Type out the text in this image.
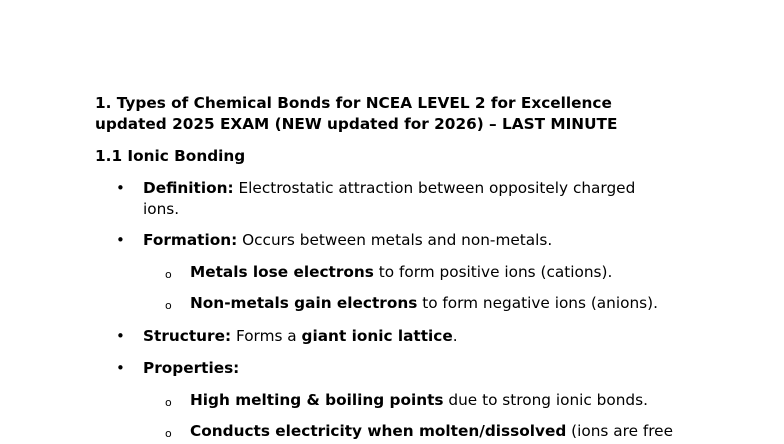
1. Types of Chemical Bonds for NCEA LEVEL 2 for Excellence
updated 2025 EXAM (NEW updated for 2026) – LAST MINUTE
1.1 Ionic Bonding
• Definition: Electrostatic attraction between oppositely charged
ions.
• Formation: Occurs between metals and non-metals.
o Metals lose electrons to form positive ions (cations).
o Non-metals gain electrons to form negative ions (anions).
• Structure: Forms a giant ionic lattice.
• Properties:
o High melting & boiling points due to strong ionic bonds.
o Conducts electricity when molten/dissolved (ions are free
